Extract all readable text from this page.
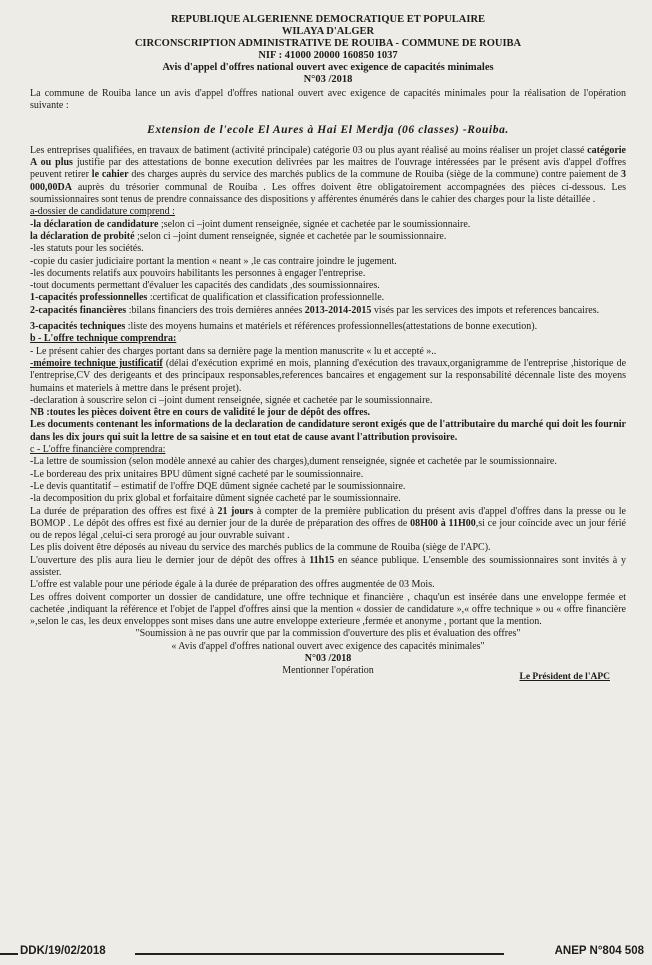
REPUBLIQUE ALGERIENNE DEMOCRATIQUE ET POPULAIRE
WILAYA D'ALGER
CIRCONSCRIPTION ADMINISTRATIVE DE ROUIBA - COMMUNE DE ROUIBA
NIF : 41000 20000 160850 1037
Avis d'appel d'offres national ouvert avec exigence de capacités minimales
N°03 /2018

La commune de Rouiba lance un avis d'appel d'offres national ouvert avec exigence de capacités minimales pour la réalisation de l'opération suivante :

Extension de l'ecole El Aures à Hai El Merdja (06 classes) -Rouiba.

Les entreprises qualifiées, en travaux de batiment (activité principale) catégorie 03 ou plus ayant réalisé au moins réaliser un projet classé catégorie A ou plus justifie par des attestations de bonne execution delivrées par les maitres de l'ouvrage intéressées par le présent avis d'appel d'offres peuvent retirer le cahier des charges auprès du service des marchés publics de la commune de Rouiba (siège de la commune) contre paiement de 3 000,00DA auprès du trésorier communal de Rouiba . Les offres doivent être obligatoirement accompagnées des pièces ci-dessous. Les soumissionnaires sont tenus de prendre connaissance des dispositions y afférentes énumérés dans le cahier des charges pour la liste détaillée .

a-dossier de candidature comprend :
-la déclaration de candidature ;selon ci –joint dument renseignée, signée et cachetée par le soumissionnaire.
la déclaration de probité ;selon ci –joint dument renseignée, signée et cachetée par le soumissionnaire.
-les statuts pour les sociétés.
-copie du casier judiciaire portant la mention « neant » ,le cas contraire joindre le jugement.
-les documents relatifs aux pouvoirs habilitants les personnes à engager l'entreprise.
-tout documents permettant d'évaluer les capacités des candidats ,des soumissionnaires.
1-capacités professionnelles :certificat de qualification et classification professionnelle.
2-capacités financières :bilans financiers des trois dernières années 2013-2014-2015 visés par les services des impots et references bancaires.
3-capacités techniques :liste des moyens humains et matériels et références professionnelles(attestations de bonne execution).
b - L'offre technique comprendra:
- Le présent cahier des charges portant dans sa dernière page la mention manuscrite « lu et accepté »..
-mémoire technique justificatif (délai d'exécution exprimé en mois, planning d'exécution des travaux,organigramme de l'entreprise ,historique de l'entreprise,CV des derigeants et des principaux responsables,references bancaires et engagement sur la responsabilité décennale liste des moyens humains et materiels à mettre dans le présent projet).
-declaration à souscrire selon ci –joint dument renseignée, signée et cachetée par le soumissionnaire.
NB :toutes les pièces doivent être en cours de validité le jour de dépôt des offres.
Les documents contenant les informations de la declaration de candidature seront exigés que de l'attributaire du marché qui doit les fournir dans les dix jours qui suit la lettre de sa saisine et en tout etat de cause avant l'attribution provisoire.
c - L'offre financière comprendra:
-La lettre de soumission (selon modèle annexé au cahier des charges),dument renseignée, signée et cachetée par le soumissionnaire.
-Le bordereau des prix unitaires BPU dûment signé cacheté par le soumissionnaire.
-Le devis quantitatif – estimatif de l'offre DQE dûment signée cacheté par le soumissionnaire.
-la decomposition du prix global et forfaitaire dûment signée cacheté par le soumissionnaire.

La durée de préparation des offres est fixé à 21 jours à compter de la première publication du présent avis d'appel d'offres dans la presse ou le BOMOP . Le dépôt des offres est fixé au dernier jour de la durée de préparation des offres de 08H00 à 11H00,si ce jour coïncide avec un jour férié ou de repos légal ,celui-ci sera prorogé au jour ouvrable suivant .

Les plis doivent être déposés au niveau du service des marchés publics de la commune de Rouiba (siège de l'APC).

L'ouverture des plis aura lieu le dernier jour de dépôt des offres à 11h15 en séance publique. L'ensemble des soumissionnaires sont invités à y assister.

L'offre est valable pour une période égale à la durée de préparation des offres augmentée de 03 Mois.

Les offres doivent comporter un dossier de candidature, une offre technique et financière , chaqu'un est insérée dans une enveloppe fermée et cachetée ,indiquant la référence et l'objet de l'appel d'offres ainsi que la mention « dossier de candidature »,« offre technique » ou « offre financière »,selon le cas, les deux enveloppes sont mises dans une autre enveloppe exterieure ,fermée et anonyme , portant que la mention.

"Soumission à ne pas ouvrir que par la commission d'ouverture des plis et évaluation des offres"
« Avis d'appel d'offres national ouvert avec exigence des capacités minimales"
N°03 /2018
Mentionner l'opération
Le Président de l'APC
DDK/19/02/2018	ANEP N°804 508
